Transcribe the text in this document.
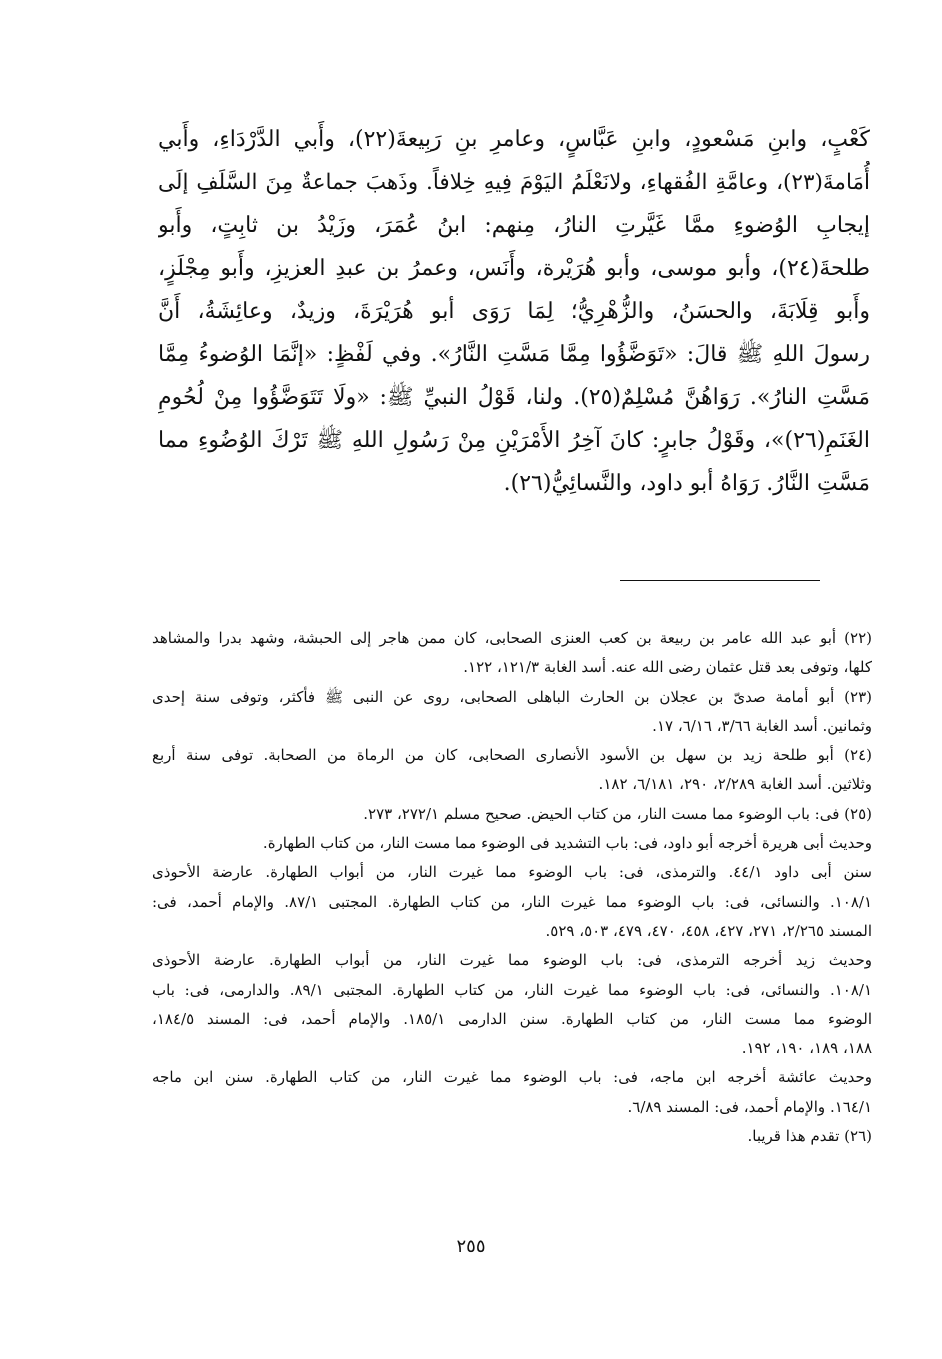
كَعْبٍ، وابنِ مَسْعودٍ، وابنِ عَبَّاسٍ، وعامرِ بنِ رَبِيعةَ(٢٢)، وأَبي الدَّرْدَاءِ، وأَبي
أُمَامةَ(٢٣)، وعامَّةِ الفُقهاءِ، ولانَعْلَمُ اليَوْمَ فِيهِ خِلافاً. وذَهبَ جماعةٌ مِنَ السَّلَفِ إلَى
إيجابِ الوُضوءِ ممَّا غَيَّرتِ النارُ، مِنهم: ابنُ عُمَرَ، وزَيْدُ بن ثابِتٍ، وأَبو
طلحةَ(٢٤)، وأبو موسى، وأبو هُرَيْرة، وأَنَس، وعمرُ بن عبدِ العزيزِ، وأَبو مِجْلَزٍ،
وأَبو قِلَابَةَ، والحسَنُ، والزُّهْرِيُّ؛ لِمَا رَوَى أبو هُرَيْرَةَ، وزيدٌ، وعائِشَةُ، أَنَّ
رسولَ اللهِ ﷺ قالَ: «تَوَضَّؤُوا مِمَّا مَسَّتِ النَّارُ». وفي لَفْظٍ: «إنَّمَا الوُضوءُ مِمَّا
مَسَّتِ النارُ». رَوَاهُنَّ مُسْلِمٌ(٢٥). ولنا، قَوْلُ النبيِّ ﷺ: «ولَا تَتَوَضَّؤُوا مِنْ لُحُومِ
الغَنَمِ(٢٦)»، وقَوْلُ جابرٍ: كانَ آخِرُ الأَمْرَيْنِ مِنْ رَسُولِ اللهِ ﷺ تَرْكَ الوُضُوءِ مما
مَسَّتِ النَّارُ. رَوَاهُ أبو داود، والنَّسائِيُّ(٢٦).
(٢٢) أبو عبد الله عامر بن ربيعة بن كعب العنزى الصحابى، كان ممن هاجر إلى الحبشة، وشهد بدرا والمشاهد
كلها، وتوفى بعد قتل عثمان رضى الله عنه. أسد الغابة ١٢١/٣، ١٢٢.
(٢٣) أبو أمامة صدىّ بن عجلان بن الحارث الباهلى الصحابى، روى عن النبى ﷺ فأكثر، وتوفى سنة إحدى
وثمانين. أسد الغابة ٣/٦٦، ٦/١٦، ١٧.
(٢٤) أبو طلحة زيد بن سهل بن الأسود الأنصارى الصحابى، كان من الرماة من الصحابة. توفى سنة أربع
وثلاثين. أسد الغابة ٢/٢٨٩، ٢٩٠، ٦/١٨١، ١٨٢.
(٢٥) فى: باب الوضوء مما مست النار، من كتاب الحيض. صحيح مسلم ٢٧٢/١، ٢٧٣.
وحديث أبى هريرة أخرجه أبو داود، فى: باب التشديد فى الوضوء مما مست النار، من كتاب الطهارة.
سنن أبى داود ٤٤/١. والترمذى، فى: باب الوضوء مما غيرت النار، من أبواب الطهارة. عارضة الأحوذى
١٠٨/١. والنسائى، فى: باب الوضوء مما غيرت النار، من كتاب الطهارة. المجتبى ٨٧/١. والإمام أحمد، فى:
المسند ٢/٢٦٥، ٢٧١، ٤٢٧، ٤٥٨، ٤٧٠، ٤٧٩، ٥٠٣، ٥٢٩.
وحديث زيد أخرجه الترمذى، فى: باب الوضوء مما غيرت النار، من أبواب الطهارة. عارضة الأحوذى
١٠٨/١. والنسائى، فى: باب الوضوء مما غيرت النار، من كتاب الطهارة. المجتبى ٨٩/١. والدارمى، فى: باب
الوضوء مما مست النار، من كتاب الطهارة. سنن الدارمى ١٨٥/١. والإمام أحمد، فى: المسند ١٨٤/٥،
١٨٨، ١٨٩، ١٩٠، ١٩٢.
وحديث عائشة أخرجه ابن ماجه، فى: باب الوضوء مما غيرت النار، من كتاب الطهارة. سنن ابن ماجه
١٦٤/١. والإمام أحمد، فى: المسند ٦/٨٩.
(٢٦) تقدم هذا قريبا.
٢٥٥
